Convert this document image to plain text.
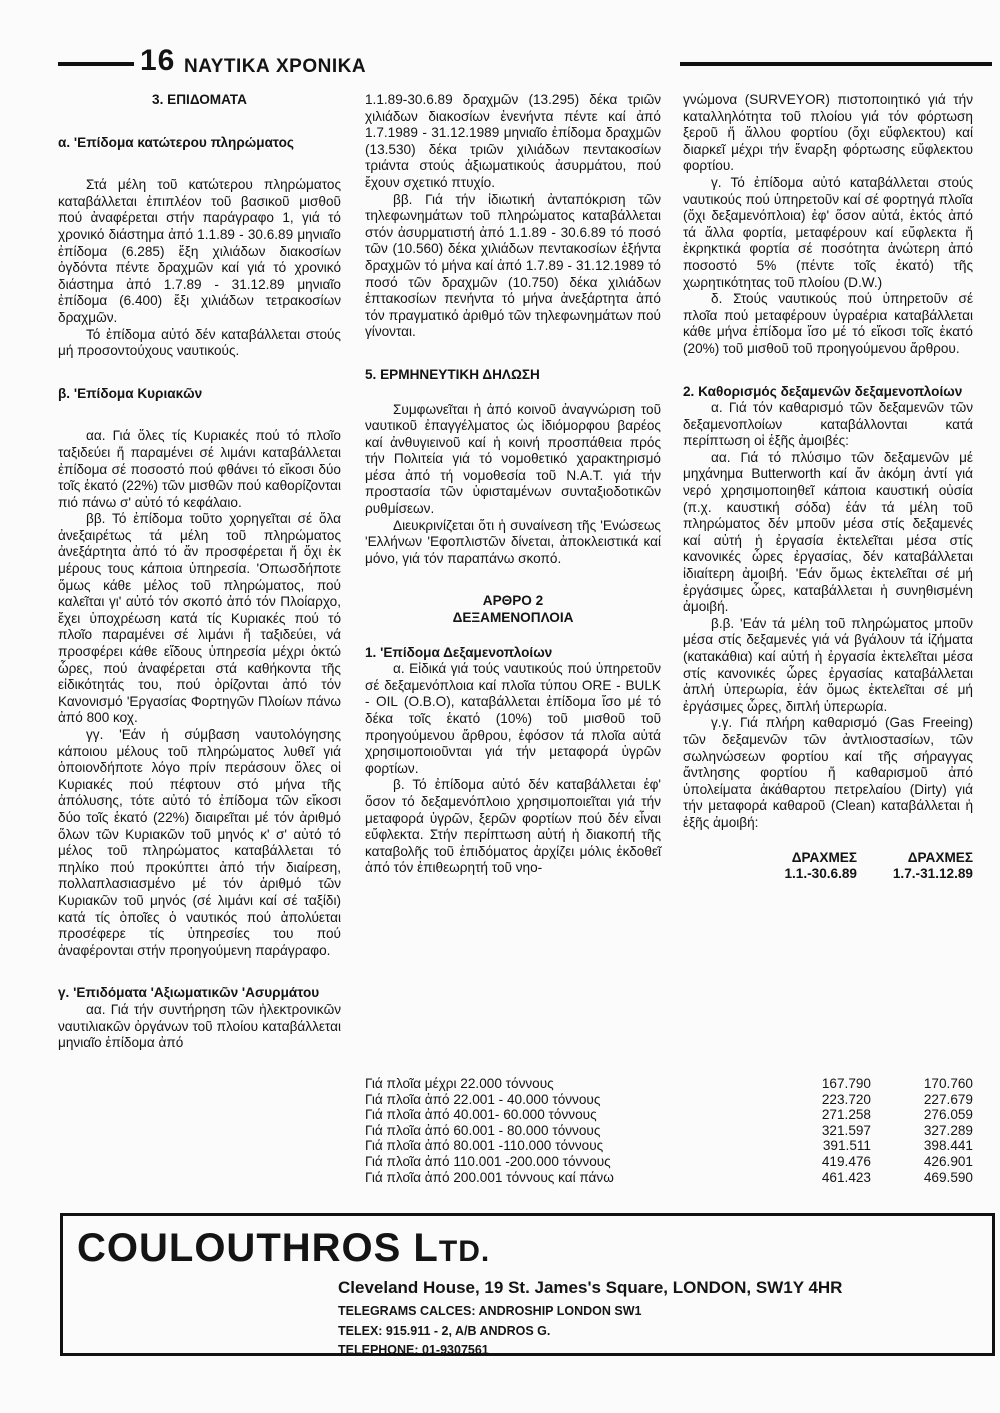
16 ΝΑΥΤΙΚΑ ΧΡΟΝΙΚΑ
3. ΕΠΙΔΟΜΑΤΑ
α. 'Επίδομα κατώτερου πληρώματος

Στά μέλη τοῦ κατώτερου πληρώματος καταβάλλεται ἐπιπλέον τοῦ βασικοῦ μισθοῦ πού ἀναφέρεται στήν παράγραφο 1, γιά τό χρονικό διάστημα ἀπό 1.1.89 - 30.6.89 μηνιαῖο ἐπίδομα (6.285) ἔξη χιλιάδων διακοσίων ὀγδόντα πέντε δραχμῶν καί γιά τό χρονικό διάστημα ἀπό 1.7.89 - 31.12.89 μηνιαῖο ἐπίδομα (6.400) ἔξι χιλιάδων τετρακοσίων δραχμῶν.

Τό ἐπίδομα αὐτό δέν καταβάλλεται στούς μή προσοντούχους ναυτικούς.

β. 'Επίδομα Κυριακῶν

αα. Γιά ὅλες τίς Κυριακές πού τό πλοῖο ταξιδεύει ἤ παραμένει σέ λιμάνι καταβάλλεται ἐπίδομα σέ ποσοστό πού φθάνει τό εἴκοσι δύο τοῖς ἑκατό (22%) τῶν μισθῶν πού καθορίζονται πιό πάνω σ' αὐτό τό κεφάλαιο.

ββ. Τό ἐπίδομα τοῦτο χορηγεῖται σέ ὅλα ἀνεξαιρέτως τά μέλη τοῦ πληρώματος ἀνεξάρτητα ἀπό τό ἄν προσφέρεται ἤ ὄχι ἐκ μέρους τους κάποια ὑπηρεσία. 'Οπωσδήποτε ὅμως κάθε μέλος τοῦ πληρώματος, πού καλεῖται γι' αὐτό τόν σκοπό ἀπό τόν Πλοίαρχο, ἔχει ὑποχρέωση κατά τίς Κυριακές πού τό πλοῖο παραμένει σέ λιμάνι ἤ ταξιδεύει, νά προσφέρει κάθε εἴδους ὑπηρεσία μέχρι ὀκτώ ὧρες, πού ἀναφέρεται στά καθήκοντα τῆς εἰδικότητάς του, πού ὁρίζονται ἀπό τόν Κανονισμό 'Εργασίας Φορτηγῶν Πλοίων πάνω ἀπό 800 κοχ.

γγ. 'Εάν ἡ σύμβαση ναυτολόγησης κάποιου μέλους τοῦ πληρώματος λυθεῖ γιά ὁποιονδήποτε λόγο πρίν περάσουν ὅλες οἱ Κυριακές πού πέφτουν στό μήνα τῆς ἀπόλυσης, τότε αὐτό τό ἐπίδομα τῶν εἴκοσι δύο τοῖς ἑκατό (22%) διαιρεῖται μέ τόν ἀριθμό ὅλων τῶν Κυριακῶν τοῦ μηνός κ' σ' αὐτό τό μέλος τοῦ πληρώματος καταβάλλεται τό πηλίκο πού προκύπτει ἀπό τήν διαίρεση, πολλαπλασιασμένο μέ τόν ἀριθμό τῶν Κυριακῶν τοῦ μηνός (σέ λιμάνι καί σέ ταξίδι) κατά τίς ὁποῖες ὁ ναυτικός πού ἀπολύεται προσέφερε τίς ὑπηρεσίες του πού ἀναφέρονται στήν προηγούμενη παράγραφο.

γ. 'Επιδόματα 'Αξιωματικῶν 'Ασυρμάτου

αα. Γιά τήν συντήρηση τῶν ἠλεκτρονικῶν ναυτιλιακῶν ὀργάνων τοῦ πλοίου καταβάλλεται μηνιαῖο ἐπίδομα ἀπό

1.1.89-30.6.89 δραχμῶν (13.295) δέκα τριῶν χιλιάδων διακοσίων ἐνενήντα πέντε καί ἀπό 1.7.1989 - 31.12.1989 μηνιαῖο ἐπίδομα δραχμῶν (13.530) δέκα τριῶν χιλιάδων πεντακοσίων τριάντα στούς ἀξιωματικούς ἀσυρμάτου, πού ἔχουν σχετικό πτυχίο.

ββ. Γιά τήν ἰδιωτική ἀνταπόκριση τῶν τηλεφωνημάτων τοῦ πληρώματος καταβάλλεται στόν ἀσυρματιστή ἀπό 1.1.89 - 30.6.89 τό ποσό τῶν (10.560) δέκα χιλιάδων πεντακοσίων ἑξήντα δραχμῶν τό μήνα καί ἀπό 1.7.89 - 31.12.1989 τό ποσό τῶν δραχμῶν (10.750) δέκα χιλιάδων ἑπτακοσίων πενήντα τό μήνα ἀνεξάρτητα ἀπό τόν πραγματικό ἀριθμό τῶν τηλεφωνημάτων πού γίνονται.

5. ΕΡΜΗΝΕΥΤΙΚΗ ΔΗΛΩΣΗ

Συμφωνεῖται ἡ ἀπό κοινοῦ ἀναγνώριση τοῦ ναυτικοῦ ἐπαγγέλματος ὡς ἰδιόμορφου βαρέος καί ἀνθυγιεινοῦ καί ἡ κοινή προσπάθεια πρός τήν Πολιτεία γιά τό νομοθετικό χαρακτηρισμό μέσα ἀπό τή νομοθεσία τοῦ Ν.Α.Τ. γιά τήν προστασία τῶν ὑφισταμένων συνταξιοδοτικῶν ρυθμίσεων.

Διευκρινίζεται ὅτι ἡ συναίνεση τῆς 'Ενώσεως 'Ελλήνων 'Εφοπλιστῶν δίνεται, ἀποκλειστικά καί μόνο, γιά τόν παραπάνω σκοπό.

ΑΡΘΡΟ 2
ΔΕΞΑΜΕΝΟΠΛΟΙΑ
1. 'Επίδομα Δεξαμενοπλοίων

α. Εἰδικά γιά τούς ναυτικούς πού ὑπηρετοῦν σέ δεξαμενόπλοια καί πλοῖα τύπου ORE - BULK - OIL (O.B.O), καταβάλλεται ἐπίδομα ἴσο μέ τό δέκα τοῖς ἑκατό (10%) τοῦ μισθοῦ τοῦ προηγούμενου ἄρθρου, ἐφόσον τά πλοῖα αὐτά χρησιμοποιοῦνται γιά τήν μεταφορά ὑγρῶν φορτίων.

β. Τό ἐπίδομα αὐτό δέν καταβάλλεται ἐφ' ὅσον τό δεξαμενόπλοιο χρησιμοποιεῖται γιά τήν μεταφορά ὑγρῶν, ξερῶν φορτίων πού δέν εἶναι εὔφλεκτα. Στήν περίπτωση αὐτή ἡ διακοπή τῆς καταβολῆς τοῦ ἐπιδόματος ἀρχίζει μόλις ἐκδοθεῖ ἀπό τόν ἐπιθεωρητή τοῦ νηο-

γνώμονα (SURVEYOR) πιστοποιητικό γιά τήν καταλληλότητα τοῦ πλοίου γιά τόν φόρτωση ξεροῦ ἤ ἄλλου φορτίου (ὄχι εὔφλεκτου) καί διαρκεῖ μέχρι τήν ἔναρξη φόρτωσης εὔφλεκτου φορτίου.

γ. Τό ἐπίδομα αὐτό καταβάλλεται στούς ναυτικούς πού ὑπηρετοῦν καί σέ φορτηγά πλοῖα (ὄχι δεξαμενόπλοια) ἐφ' ὅσον αὐτά, ἐκτός ἀπό τά ἄλλα φορτία, μεταφέρουν καί εὔφλεκτα ἤ ἐκρηκτικά φορτία σέ ποσότητα ἀνώτερη ἀπό ποσοστό 5% (πέντε τοῖς ἑκατό) τῆς χωρητικότητας τοῦ πλοίου (D.W.)

δ. Στούς ναυτικούς πού ὑπηρετοῦν σέ πλοῖα πού μεταφέρουν ὑγραέρια καταβάλλεται κάθε μήνα ἐπίδομα ἴσο μέ τό εἴκοσι τοῖς ἑκατό (20%) τοῦ μισθοῦ τοῦ προηγούμενου ἄρθρου.

2. Καθορισμός δεξαμενῶν δεξαμενοπλοίων

α. Γιά τόν καθαρισμό τῶν δεξαμενῶν τῶν δεξαμενοπλοίων καταβάλλονται κατά περίπτωση οἱ ἑξῆς ἀμοιβές:

αα. Γιά τό πλύσιμο τῶν δεξαμενῶν μέ μηχάνημα Butterworth καί ἄν ἀκόμη ἀντί γιά νερό χρησιμοποιηθεῖ κάποια καυστική οὐσία (π.χ. καυστική σόδα) ἐάν τά μέλη τοῦ πληρώματος δέν μποῦν μέσα στίς δεξαμενές καί αὐτή ἡ ἐργασία ἐκτελεῖται μέσα στίς κανονικές ὧρες ἐργασίας, δέν καταβάλλεται ἰδιαίτερη ἀμοιβή. 'Εάν ὅμως ἐκτελεῖται σέ μή ἐργάσιμες ὧρες, καταβάλλεται ἡ συνηθισμένη ἀμοιβή.

β.β. 'Εάν τά μέλη τοῦ πληρώματος μποῦν μέσα στίς δεξαμενές γιά νά βγάλουν τά ἰζήματα (κατακάθια) καί αὐτή ἡ ἐργασία ἐκτελεῖται μέσα στίς κανονικές ὧρες ἐργασίας καταβάλλεται ἁπλή ὑπερωρία, ἐάν ὅμως ἐκτελεῖται σέ μή ἐργάσιμες ὧρες, διπλή ὑπερωρία.

γ.γ. Γιά πλήρη καθαρισμό (Gas Freeing) τῶν δεξαμενῶν τῶν ἀντλιοστασίων, τῶν σωληνώσεων φορτίου καί τῆς σήραγγας ἄντλησης φορτίου ἤ καθαρισμοῦ ἀπό ὑπολείματα ἀκάθαρτου πετρελαίου (Dirty) γιά τήν μεταφορά καθαροῦ (Clean) καταβάλλεται ἡ ἑξῆς ἀμοιβή:

ΔΡΑΧΜΕΣ	ΔΡΑΧΜΕΣ
1.1.-30.6.89	1.7.-31.12.89
Γιά πλοῖα μέχρι 22.000 τόννους	167.790	170.760
Γιά πλοῖα ἀπό 22.001 - 40.000 τόννους	223.720	227.679
Γιά πλοῖα ἀπό 40.001- 60.000 τόννους	271.258	276.059
Γιά πλοῖα ἀπό 60.001 - 80.000 τόννους	321.597	327.289
Γιά πλοῖα ἀπό 80.001 -110.000 τόννους	391.511	398.441
Γιά πλοῖα ἀπό 110.001 -200.000 τόννους	419.476	426.901
Γιά πλοῖα ἀπό 200.001 τόννους καί πάνω	461.423	469.590
COULOUTHROS LTD.
Cleveland House, 19 St. James's Square, LONDON, SW1Y 4HR
TELEGRAMS CALCES: ANDROSHIP LONDON SW1
TELEX: 915.911 - 2, A/B ANDROS G.
TELEPHONE: 01-9307561
